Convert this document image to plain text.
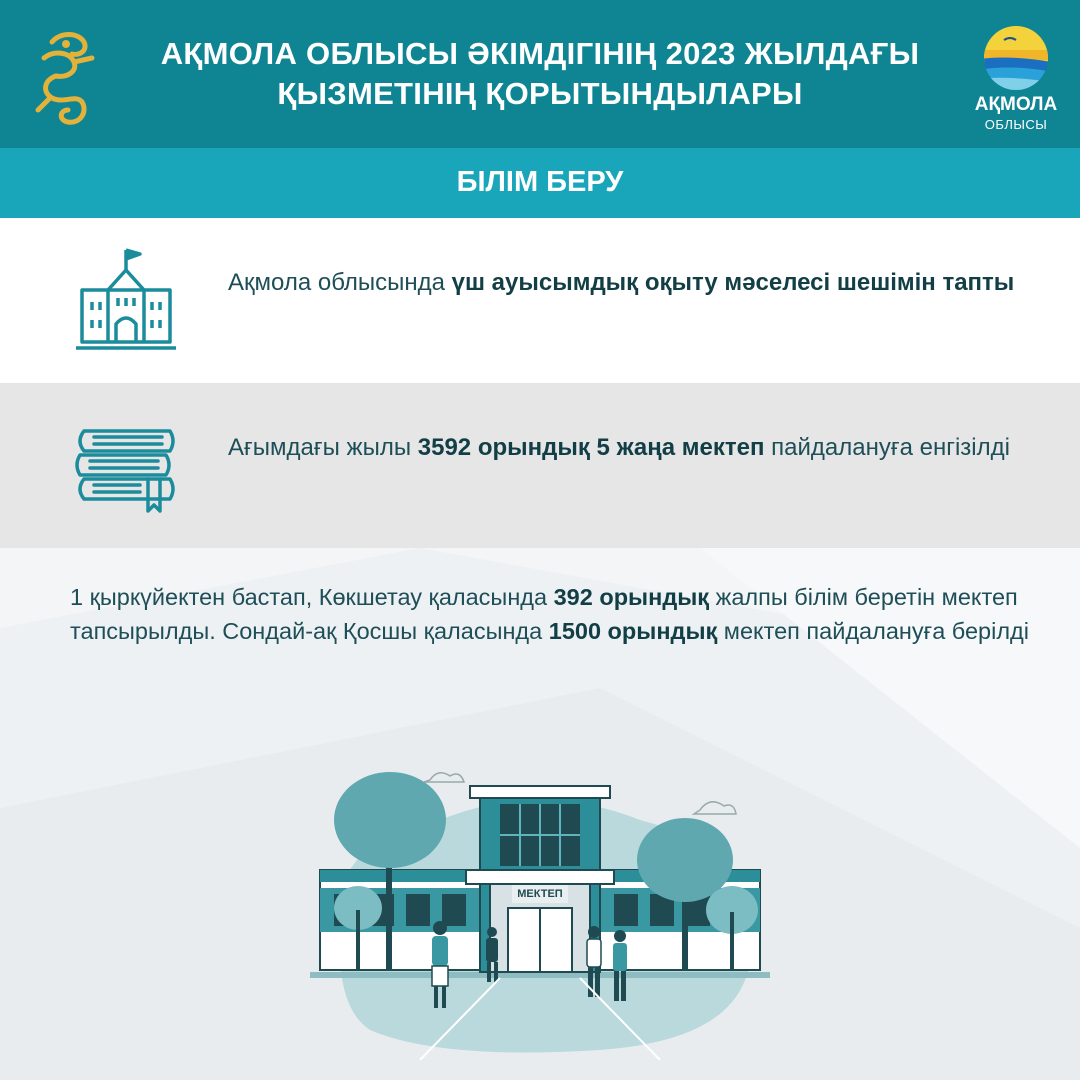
АҚМОЛА ОБЛЫСЫ ӘКІМДІГІНІҢ 2023 ЖЫЛДАҒЫ
ҚЫЗМЕТІНІҢ ҚОРЫТЫНДЫЛАРЫ	АҚМОЛА
ОБЛЫСЫ
БІЛІМ БЕРУ
Ақмола облысында үш ауысымдық оқыту мәселесі шешімін тапты
Ағымдағы жылы 3592 орындық 5 жаңа мектеп пайдалануға енгізілді
1 қыркүйектен бастап, Көкшетау қаласында 392 орындық жалпы білім беретін мектеп тапсырылды. Сондай-ақ Қосшы қаласында 1500 орындық мектеп пайдалануға берілді
МЕКТЕП
